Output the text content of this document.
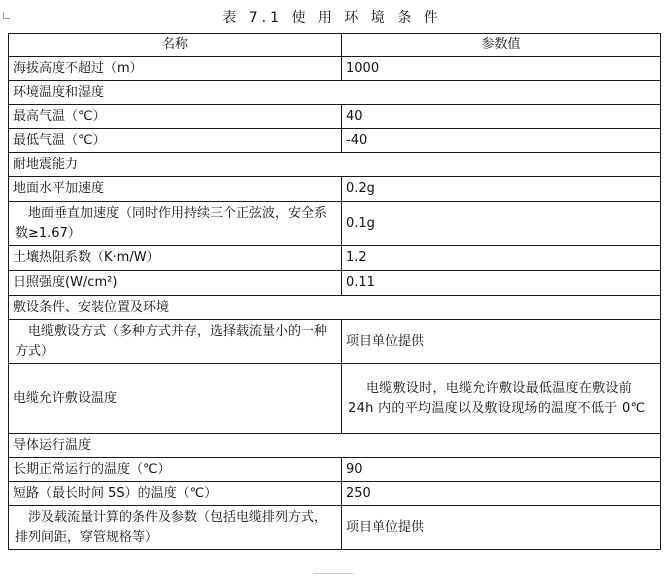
表 7.1 使 用 环 境 条 件
名称	参数值
海拔高度不超过（m）	1000
环境温度和湿度	
最高气温（℃）	40
最低气温（℃）	-40
耐地震能力	
地面水平加速度	0.2g
地面垂直加速度（同时作用持续三个正弦波，安全系数≥1.67）	0.1g
土壤热阻系数（K·m/W）	1.2
日照强度(W/cm²)	0.11
敷设条件、安装位置及环境	
电缆敷设方式（多种方式并存，选择载流量小的一种方式）	项目单位提供
电缆允许敷设温度	电缆敷设时，电缆允许敷设最低温度在敷设前 24h 内的平均温度以及敷设现场的温度不低于 0℃
导体运行温度	
长期正常运行的温度（℃）	90
短路（最长时间 5S）的温度（℃）	250
涉及载流量计算的条件及参数（包括电缆排列方式，排列间距，穿管规格等）	项目单位提供
